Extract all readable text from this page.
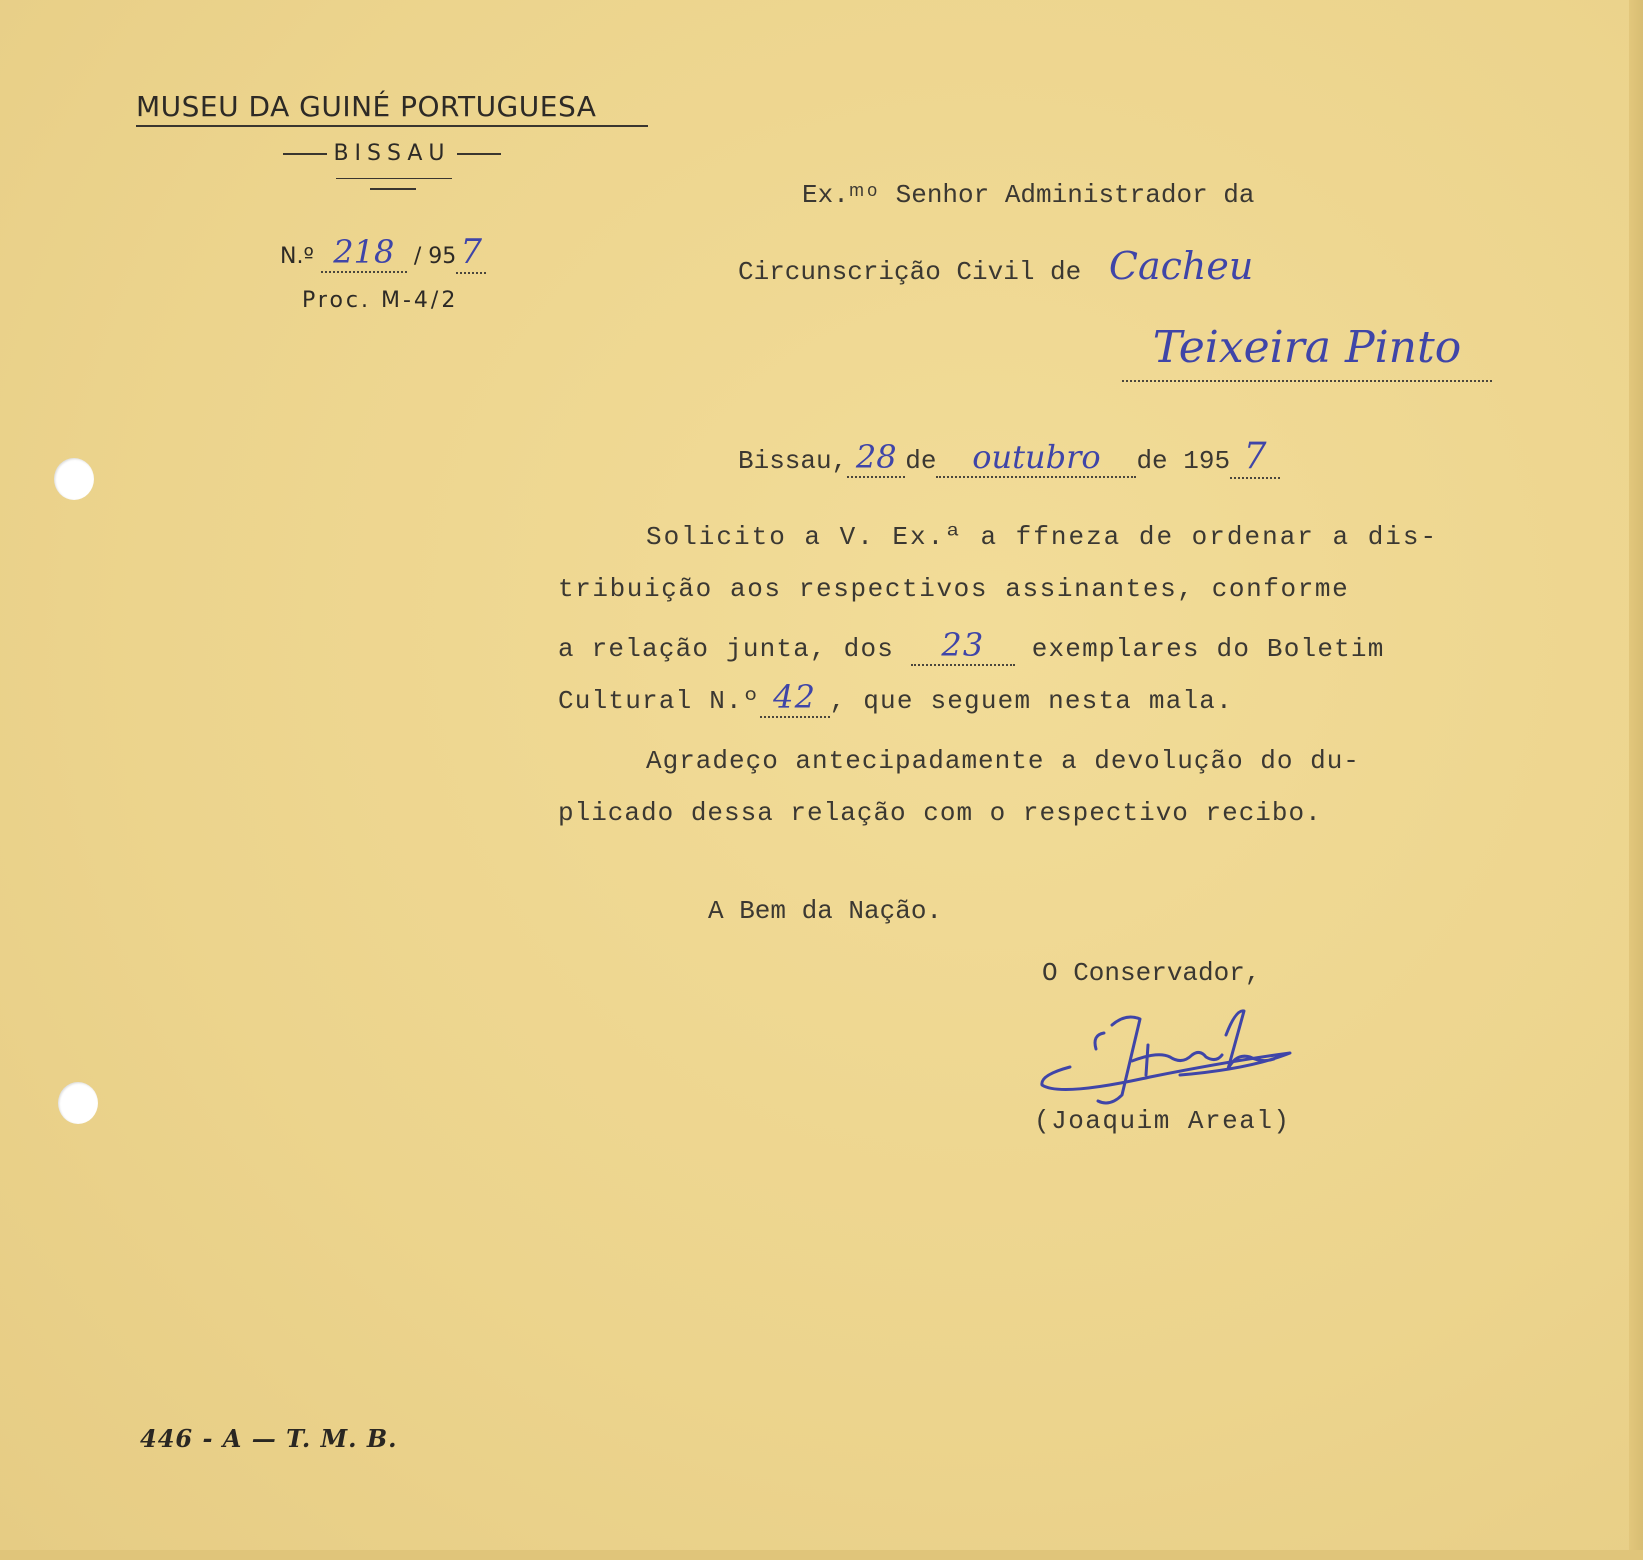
MUSEU DA GUINÉ PORTUGUESA
BISSAU
N.º 218 / 95 7
Proc. M-4/2
Ex.ᵐᵒ Senhor Administrador da
Circunscrição Civil de Cacheu
Teixeira Pinto
Bissau, 28 de outubro de 195 7
Solicito a V. Ex.ª a ffneza de ordenar a dis-
tribuição aos respectivos assinantes, conforme
a relação junta, dos 23 exemplares do Boletim
Cultural N.º 42 , que seguem nesta mala.
Agradeço antecipadamente a devolução do du-
plicado dessa relação com o respectivo recibo.
A Bem da Nação.
O Conservador,
(Joaquim Areal)
446 - A — T. M. B.
